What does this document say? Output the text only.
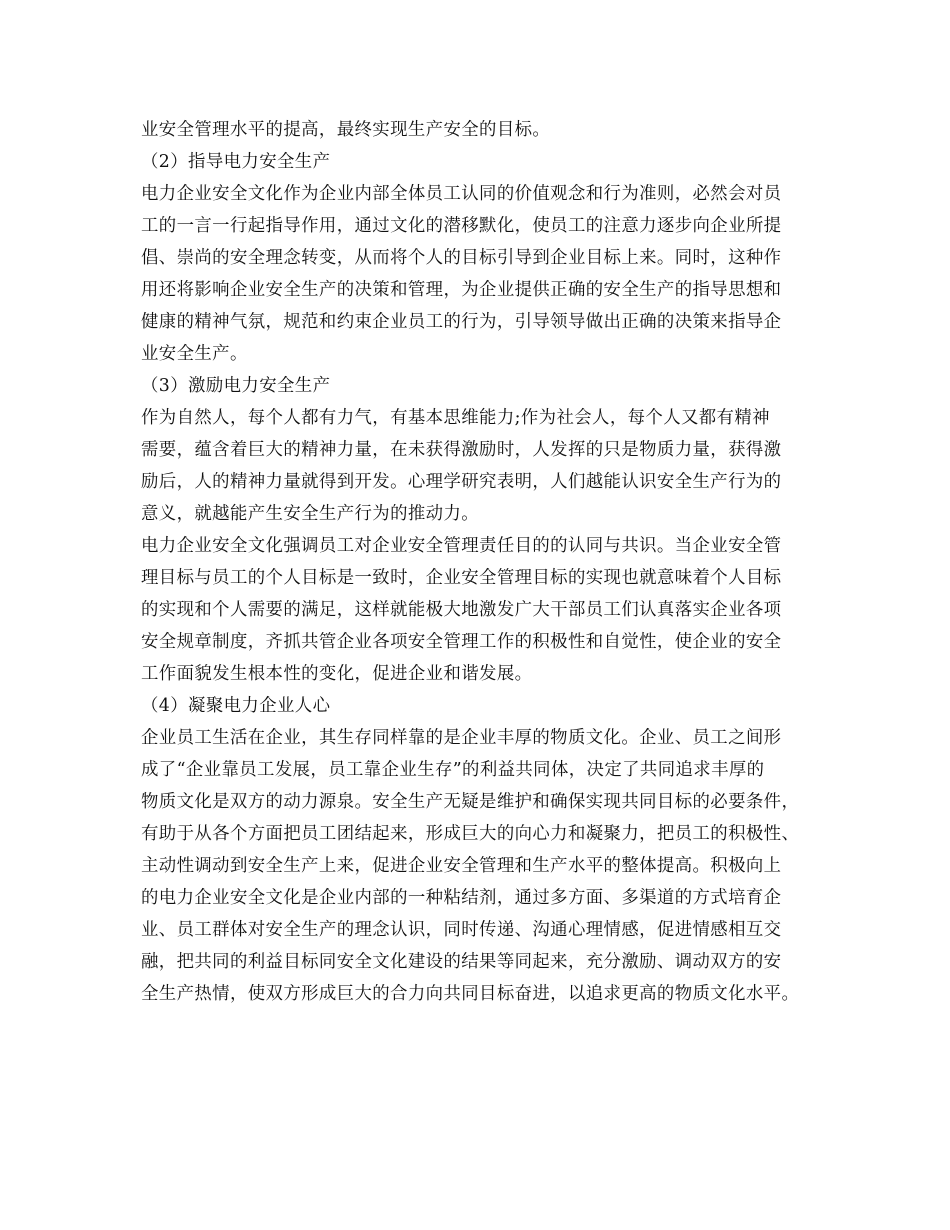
业安全管理水平的提高，最终实现生产安全的目标。
（2）指导电力安全生产
电力企业安全文化作为企业内部全体员工认同的价值观念和行为准则，必然会对员
工的一言一行起指导作用，通过文化的潜移默化，使员工的注意力逐步向企业所提
倡、崇尚的安全理念转变，从而将个人的目标引导到企业目标上来。同时，这种作
用还将影响企业安全生产的决策和管理，为企业提供正确的安全生产的指导思想和
健康的精神气氛，规范和约束企业员工的行为，引导领导做出正确的决策来指导企
业安全生产。
（3）激励电力安全生产
作为自然人，每个人都有力气，有基本思维能力;作为社会人，每个人又都有精神
需要，蕴含着巨大的精神力量，在未获得激励时，人发挥的只是物质力量，获得激
励后，人的精神力量就得到开发。心理学研究表明，人们越能认识安全生产行为的
意义，就越能产生安全生产行为的推动力。
电力企业安全文化强调员工对企业安全管理责任目的的认同与共识。当企业安全管
理目标与员工的个人目标是一致时，企业安全管理目标的实现也就意味着个人目标
的实现和个人需要的满足，这样就能极大地激发广大干部员工们认真落实企业各项
安全规章制度，齐抓共管企业各项安全管理工作的积极性和自觉性，使企业的安全
工作面貌发生根本性的变化，促进企业和谐发展。
（4）凝聚电力企业人心
企业员工生活在企业，其生存同样靠的是企业丰厚的物质文化。企业、员工之间形
成了“企业靠员工发展，员工靠企业生存”的利益共同体，决定了共同追求丰厚的
物质文化是双方的动力源泉。安全生产无疑是维护和确保实现共同目标的必要条件，
有助于从各个方面把员工团结起来，形成巨大的向心力和凝聚力，把员工的积极性、
主动性调动到安全生产上来，促进企业安全管理和生产水平的整体提高。积极向上
的电力企业安全文化是企业内部的一种粘结剂，通过多方面、多渠道的方式培育企
业、员工群体对安全生产的理念认识，同时传递、沟通心理情感，促进情感相互交
融，把共同的利益目标同安全文化建设的结果等同起来，充分激励、调动双方的安
全生产热情，使双方形成巨大的合力向共同目标奋进，以追求更高的物质文化水平。
